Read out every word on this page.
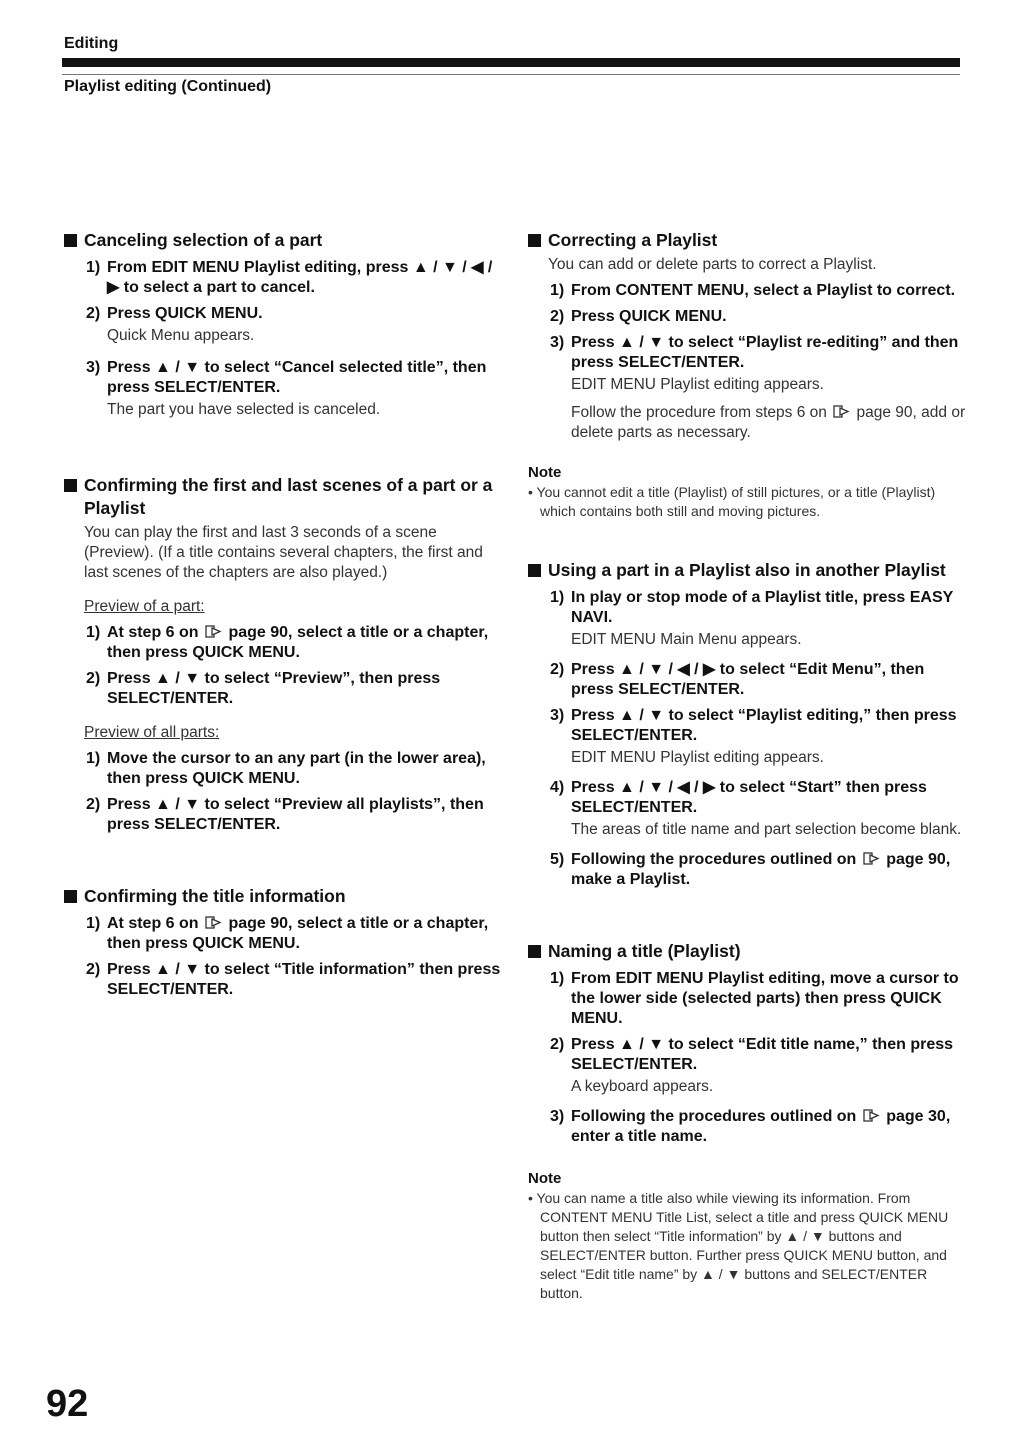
Editing
Playlist editing (Continued)
Canceling selection of a part
1) From EDIT MENU Playlist editing, press ▲ / ▼ / ◀ / ▶ to select a part to cancel.
2) Press QUICK MENU.
Quick Menu appears.
3) Press ▲ / ▼ to select “Cancel selected title”, then press SELECT/ENTER.
The part you have selected is canceled.
Confirming the first and last scenes of a part or a Playlist
You can play the first and last 3 seconds of a scene (Preview). (If a title contains several chapters, the first and last scenes of the chapters are also played.)
Preview of a part:
1) At step 6 on page 90, select a title or a chapter, then press QUICK MENU.
2) Press ▲ / ▼ to select “Preview”, then press SELECT/ENTER.
Preview of all parts:
1) Move the cursor to an any part (in the lower area), then press QUICK MENU.
2) Press ▲ / ▼ to select “Preview all playlists”, then press SELECT/ENTER.
Confirming the title information
1) At step 6 on page 90, select a title or a chapter, then press QUICK MENU.
2) Press ▲ / ▼ to select “Title information” then press SELECT/ENTER.
Correcting a Playlist
You can add or delete parts to correct a Playlist.
1) From CONTENT MENU, select a Playlist to correct.
2) Press QUICK MENU.
3) Press ▲ / ▼ to select “Playlist re-editing” and then press SELECT/ENTER.
EDIT MENU Playlist editing appears.
Follow the procedure from steps 6 on page 90, add or delete parts as necessary.
Note
• You cannot edit a title (Playlist) of still pictures, or a title (Playlist) which contains both still and moving pictures.
Using a part in a Playlist also in another Playlist
1) In play or stop mode of a Playlist title, press EASY NAVI.
EDIT MENU Main Menu appears.
2) Press ▲ / ▼ / ◀ / ▶ to select “Edit Menu”, then press SELECT/ENTER.
3) Press ▲ / ▼ to select “Playlist editing,” then press SELECT/ENTER.
EDIT MENU Playlist editing appears.
4) Press ▲ / ▼ / ◀ / ▶ to select “Start” then press SELECT/ENTER.
The areas of title name and part selection become blank.
5) Following the procedures outlined on page 90, make a Playlist.
Naming a title (Playlist)
1) From EDIT MENU Playlist editing, move a cursor to the lower side (selected parts) then press QUICK MENU.
2) Press ▲ / ▼ to select “Edit title name,” then press SELECT/ENTER.
A keyboard appears.
3) Following the procedures outlined on page 30, enter a title name.
Note
• You can name a title also while viewing its information. From CONTENT MENU Title List, select a title and press QUICK MENU button then select “Title information” by ▲ / ▼ buttons and SELECT/ENTER button. Further press QUICK MENU button, and select “Edit title name” by ▲ / ▼ buttons and SELECT/ENTER button.
92
